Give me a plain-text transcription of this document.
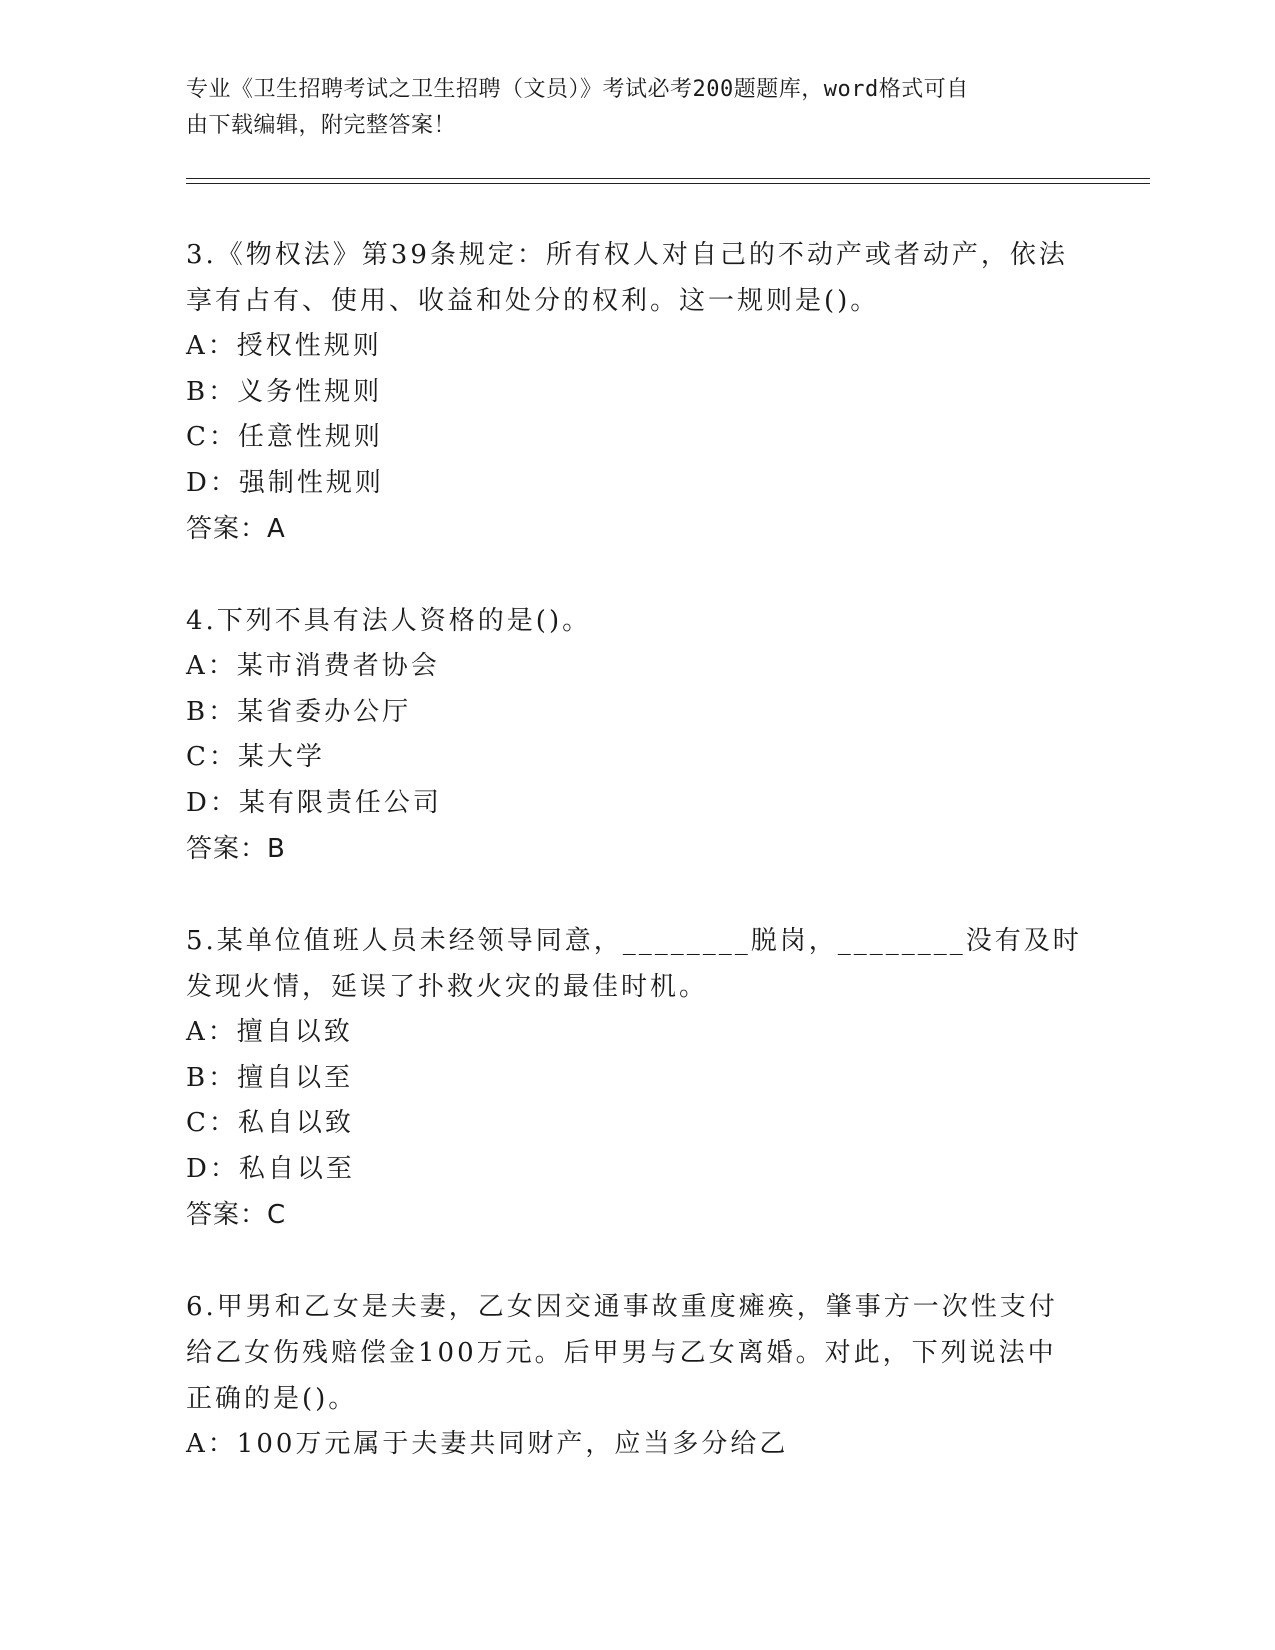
专业《卫生招聘考试之卫生招聘（文员）》考试必考200题题库，word格式可自
由下载编辑，附完整答案！
3.《物权法》第39条规定：所有权人对自己的不动产或者动产，依法
享有占有、使用、收益和处分的权利。这一规则是()。
A：授权性规则
B：义务性规则
C：任意性规则
D：强制性规则
答案：A
4.下列不具有法人资格的是()。
A：某市消费者协会
B：某省委办公厅
C：某大学
D：某有限责任公司
答案：B
5.某单位值班人员未经领导同意，________脱岗，________没有及时
发现火情，延误了扑救火灾的最佳时机。
A：擅自以致
B：擅自以至
C：私自以致
D：私自以至
答案：C
6.甲男和乙女是夫妻，乙女因交通事故重度瘫痪，肇事方一次性支付
给乙女伤残赔偿金100万元。后甲男与乙女离婚。对此，下列说法中
正确的是()。
A：100万元属于夫妻共同财产，应当多分给乙
